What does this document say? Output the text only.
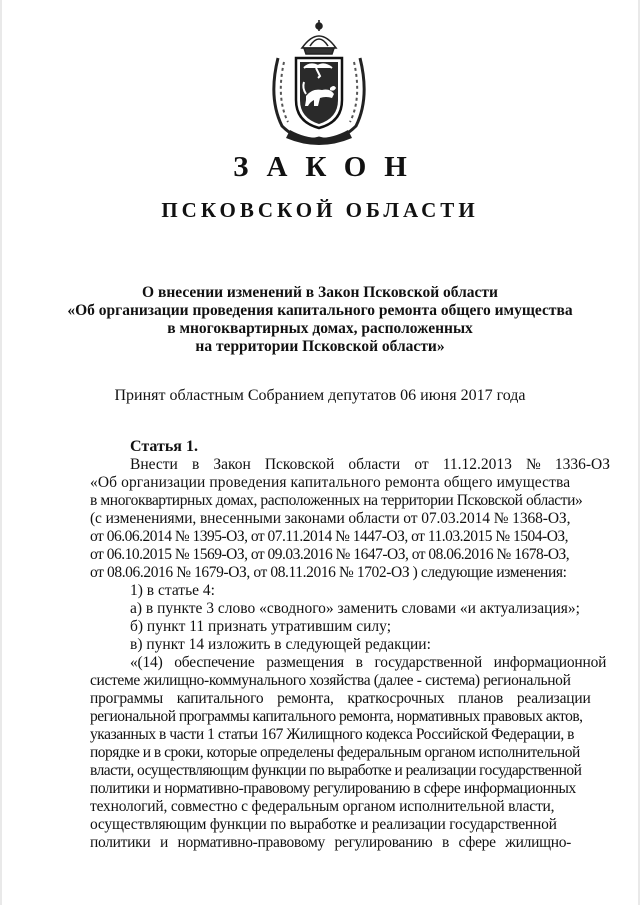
ЗАКОН
ПСКОВСКОЙ ОБЛАСТИ
О внесении изменений в Закон Псковской области
«Об организации проведения капитального ремонта общего имущества
в многоквартирных домах, расположенных
на территории Псковской области»
Принят областным Собранием депутатов 06 июня 2017 года
Статья 1.
Внести в Закон Псковской области от 11.12.2013 № 1336-ОЗ
«Об организации проведения капитального ремонта общего имущества
в многоквартирных домах, расположенных на территории Псковской области»
(с изменениями, внесенными законами области от 07.03.2014 № 1368-ОЗ,
от 06.06.2014 № 1395-ОЗ, от 07.11.2014 № 1447-ОЗ, от 11.03.2015 № 1504-ОЗ,
от 06.10.2015 № 1569-ОЗ, от 09.03.2016 № 1647-ОЗ, от 08.06.2016 № 1678-ОЗ,
от 08.06.2016 № 1679-ОЗ, от 08.11.2016 № 1702-ОЗ ) следующие изменения:
1) в статье 4:
а) в пункте 3 слово «сводного» заменить словами «и актуализация»;
б) пункт 11 признать утратившим силу;
в) пункт 14 изложить в следующей редакции:
«(14) обеспечение размещения в государственной информационной
системе жилищно-коммунального хозяйства (далее - система) региональной
программы капитального ремонта, краткосрочных планов реализации
региональной программы капитального ремонта, нормативных правовых актов,
указанных в части 1 статьи 167 Жилищного кодекса Российской Федерации, в
порядке и в сроки, которые определены федеральным органом исполнительной
власти, осуществляющим функции по выработке и реализации государственной
политики и нормативно-правовому регулированию в сфере информационных
технологий, совместно с федеральным органом исполнительной власти,
осуществляющим функции по выработке и реализации государственной
политики и нормативно-правовому регулированию в сфере жилищно-
